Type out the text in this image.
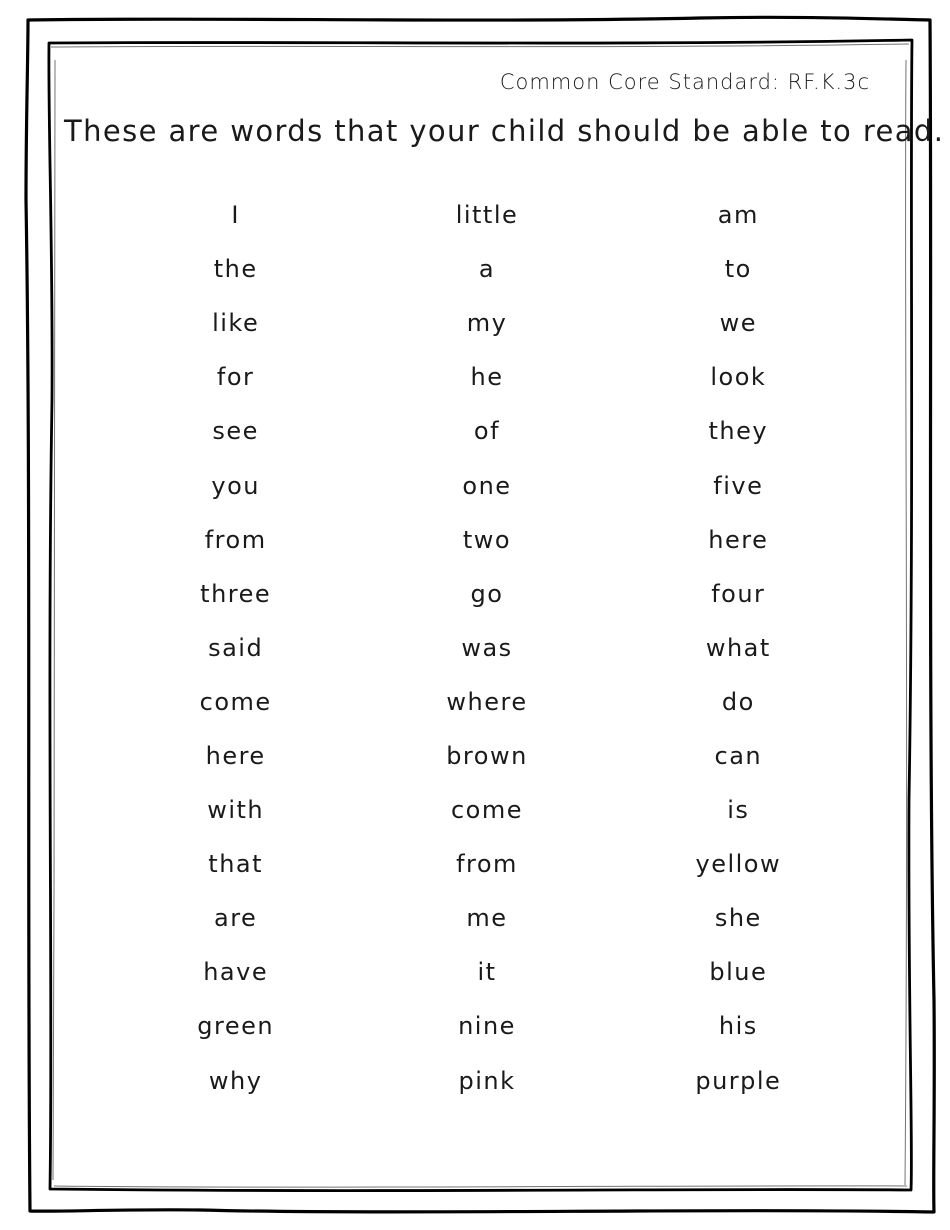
Common Core Standard: RF.K.3c
These are words that your child should be able to read.
I	little	am
the	a	to
like	my	we
for	he	look
see	of	they
you	one	five
from	two	here
three	go	four
said	was	what
come	where	do
here	brown	can
with	come	is
that	from	yellow
are	me	she
have	it	blue
green	nine	his
why	pink	purple
